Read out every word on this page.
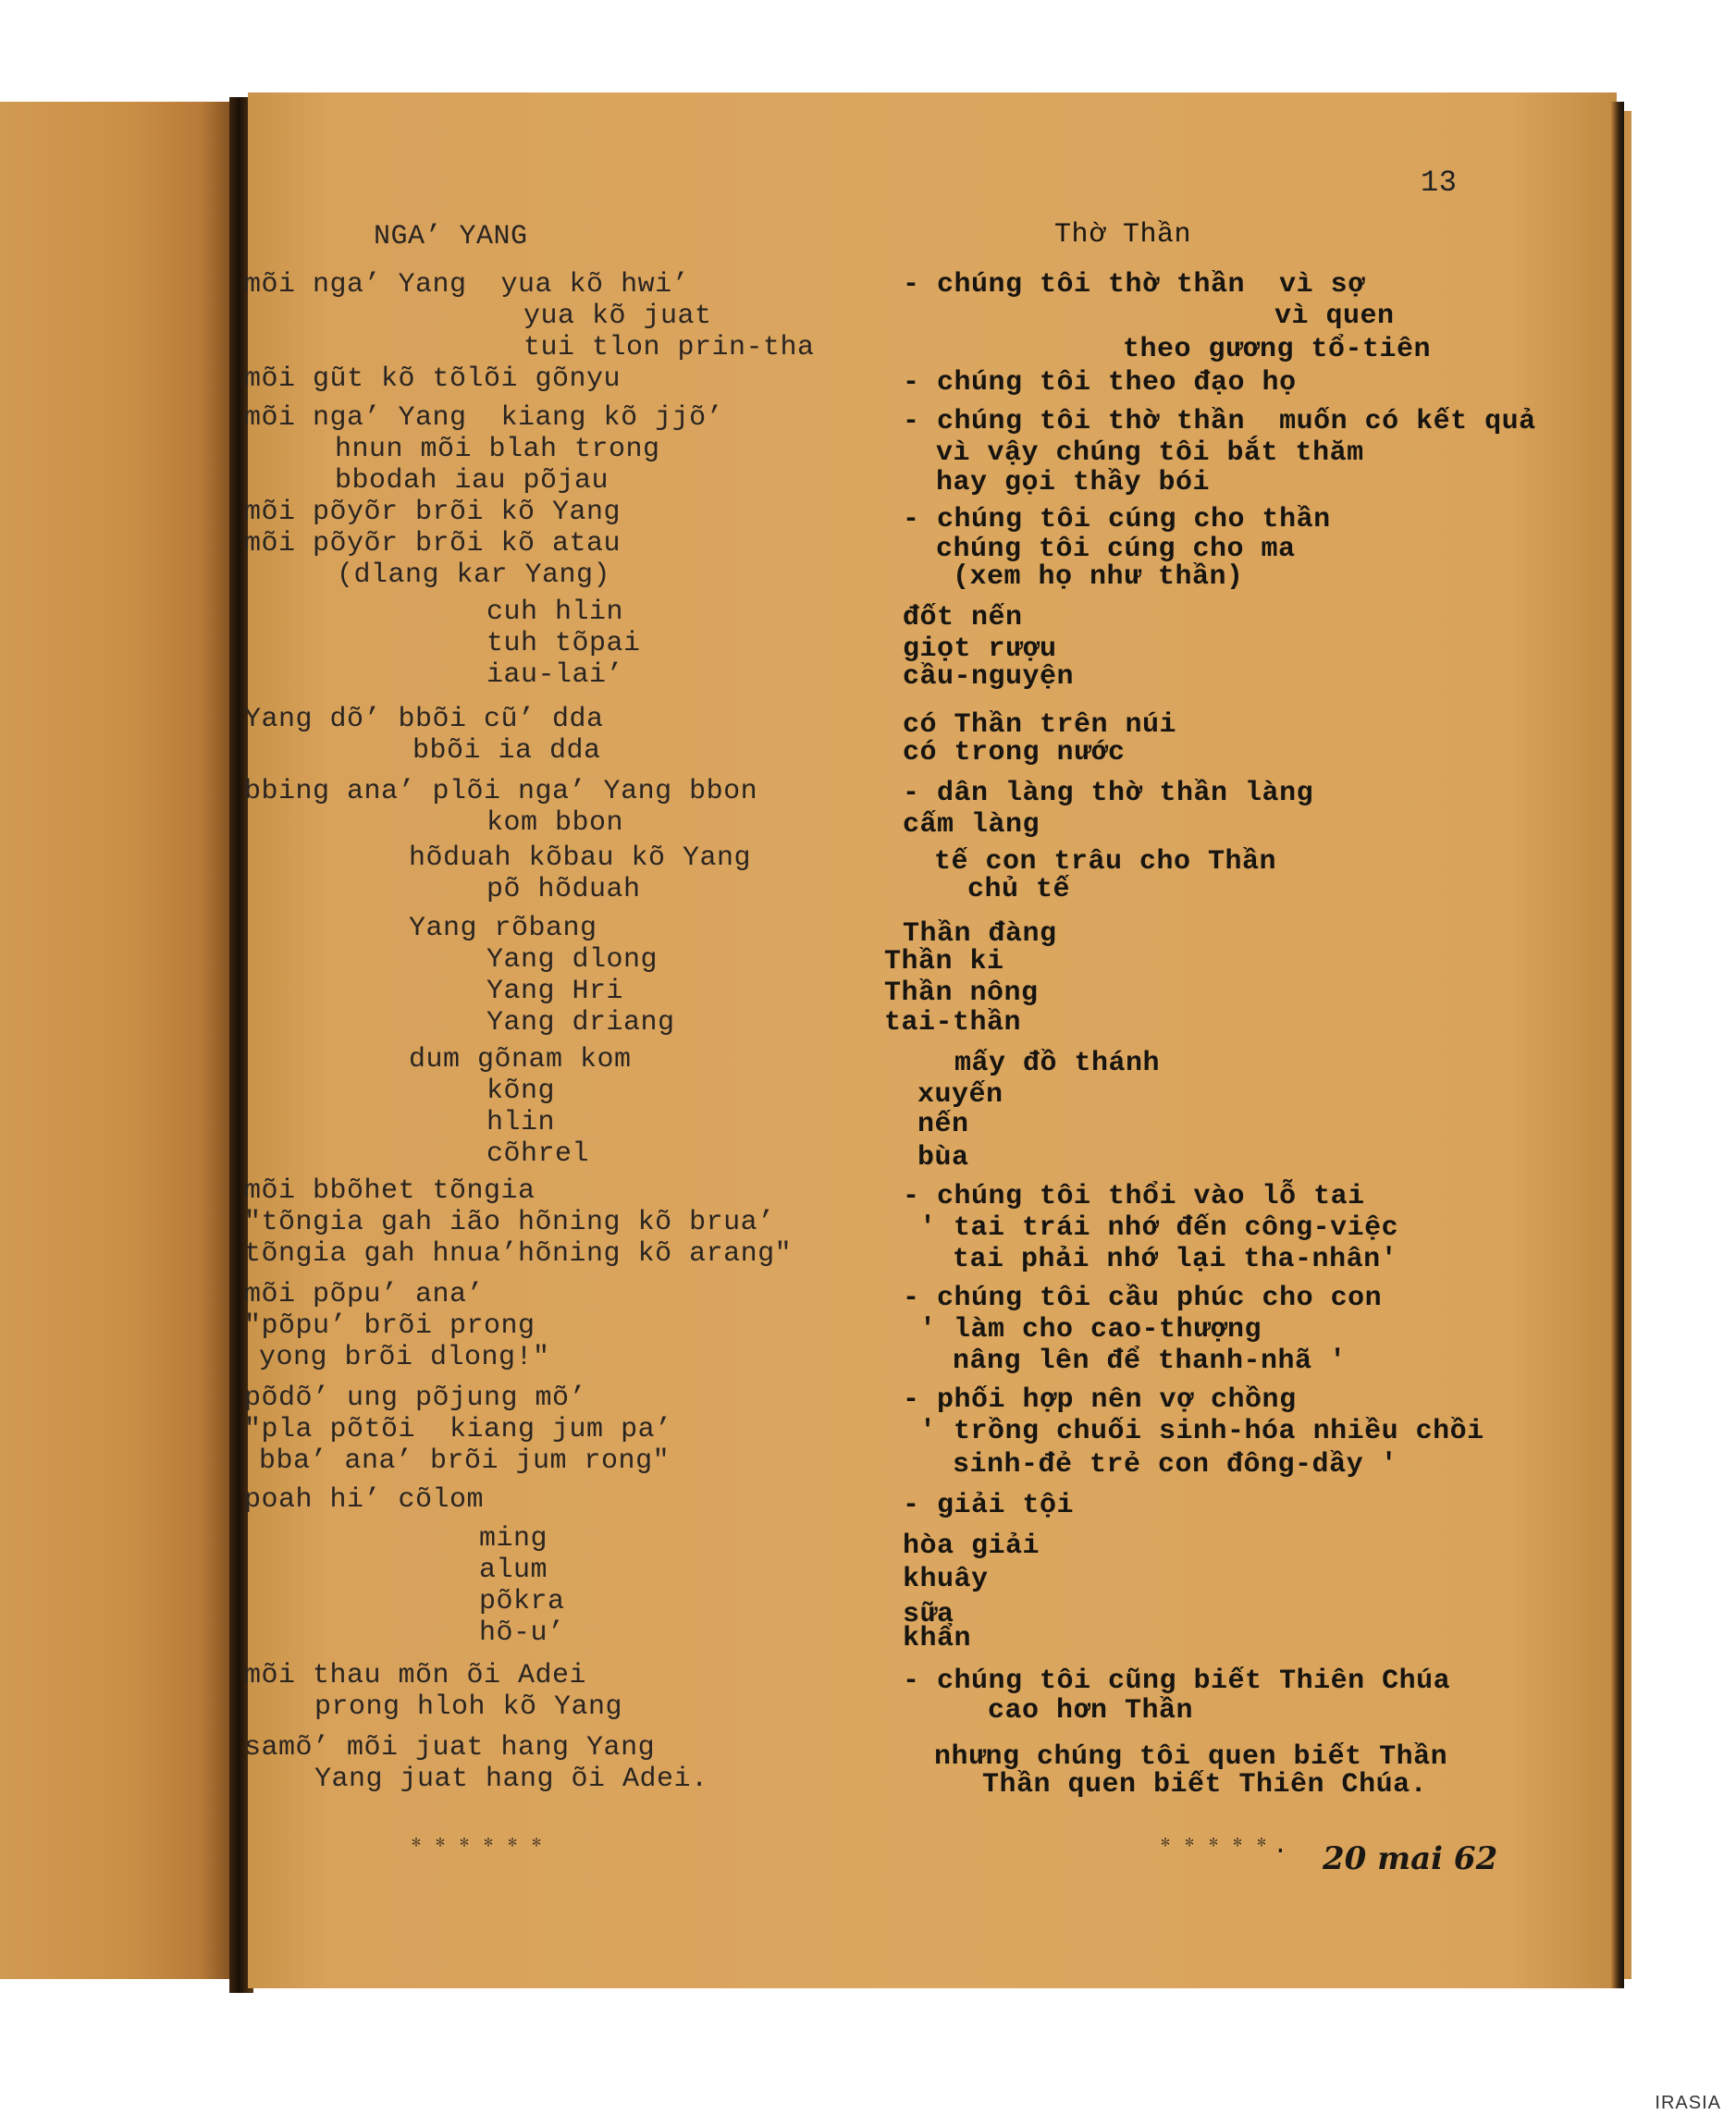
13
NGA’ YANG
mõi nga’ Yang  yua kõ hwi’
yua kõ juat
tui tlon prin-tha
mõi gũt kõ tõlõi gõnyu
mõi nga’ Yang  kiang kõ jjõ’
hnun mõi blah trong
bbodah iau põjau
mõi põyõr brõi kõ Yang
mõi põyõr brõi kõ atau
(dlang kar Yang)
cuh hlin
tuh tõpai
iau-lai’
Yang dõ’ bbõi cũ’ dda
bbõi ia dda
bbing ana’ plõi nga’ Yang bbon
kom bbon
hõduah kõbau kõ Yang
põ hõduah
Yang rõbang
Yang dlong
Yang Hri
Yang driang
dum gõnam kom
kõng
hlin
cõhrel
mõi bbõhet tõngia
"tõngia gah ião hõning kõ brua’
tõngia gah hnua’hõning kõ arang"
mõi põpu’ ana’
"põpu’ brõi prong
yong brõi dlong!"
põdõ’ ung põjung mõ’
"pla põtõi  kiang jum pa’
bba’ ana’ brõi jum rong"
poah hi’ cõlom
ming
alum
põkra
hõ-u’
mõi thau mõn õi Adei
prong hloh kõ Yang
samõ’ mõi juat hang Yang
Yang juat hang õi Adei.
﹡﹡﹡﹡﹡﹡
Thờ Thần
- chúng tôi thờ thần  vì sợ
vì quen
theo gương tổ-tiên
- chúng tôi theo đạo họ
- chúng tôi thờ thần  muốn có kết quả
vì vậy chúng tôi bắt thăm
hay gọi thầy bói
- chúng tôi cúng cho thần
chúng tôi cúng cho ma
(xem họ như thần)
đốt nến
giọt rượu
cầu-nguyện
có Thần trên núi
có trong nước
- dân làng thờ thần làng
cấm làng
tế con trâu cho Thần
chủ tế
Thần đàng
Thần ki
Thần nông
tai-thần
mấy đồ thánh
xuyến
nến
bùa
- chúng tôi thổi vào lỗ tai
' tai trái nhớ đến công-việc
tai phải nhớ lại tha-nhân'
- chúng tôi cầu phúc cho con
' làm cho cao-thượng
nâng lên để thanh-nhã '
- phối hợp nên vợ chồng
' trồng chuối sinh-hóa nhiều chồi
sinh-đẻ trẻ con đông-dầy '
- giải tội
hòa giải
khuây
sữa
khẩn
- chúng tôi cũng biết Thiên Chúa
cao hơn Thần
nhưng chúng tôi quen biết Thần
Thần quen biết Thiên Chúa.
﹡﹡﹡﹡﹡. 20 mai 62
IRASIA
